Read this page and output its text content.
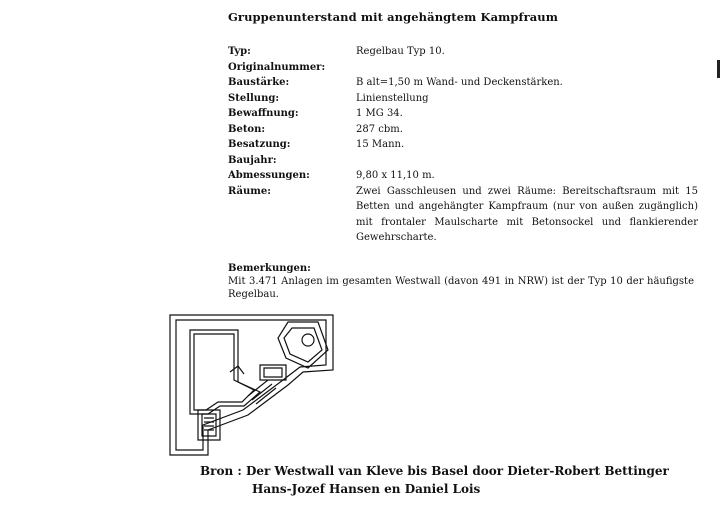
Gruppenunterstand mit angehängtem Kampfraum
Typ:	Regelbau Typ 10.
Originalnummer:
Baustärke:	B alt=1,50 m Wand- und Deckenstärken.
Stellung:	Linienstellung
Bewaffnung:	1 MG 34.
Beton:	287 cbm.
Besatzung:	15 Mann.
Baujahr:
Abmessungen:	9,80 x 11,10 m.
Räume:	Zwei Gasschleusen und zwei Räume: Bereitschaftsraum mit 15 Betten und angehängter Kampfraum (nur von außen zugänglich) mit frontaler Maulscharte mit Betonsockel und flankierender Gewehrscharte.
Bemerkungen:
Mit 3.471 Anlagen im gesamten Westwall (davon 491 in NRW) ist der Typ 10 der häufigste Regelbau.
Bron : Der Westwall van Kleve bis Basel door Dieter-Robert Bettinger
Hans-Jozef Hansen en Daniel Lois
